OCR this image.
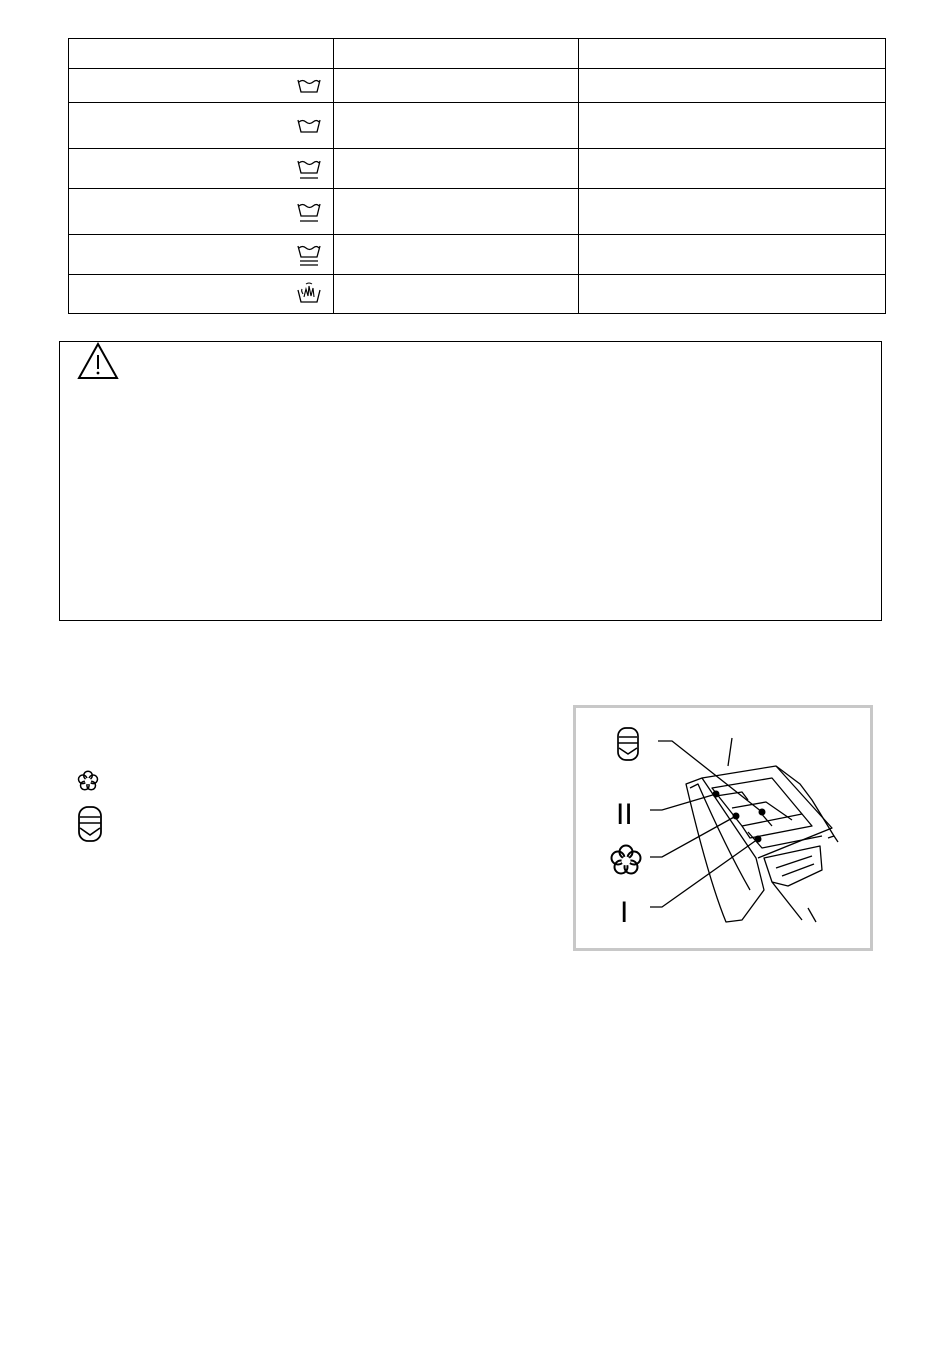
II
I
